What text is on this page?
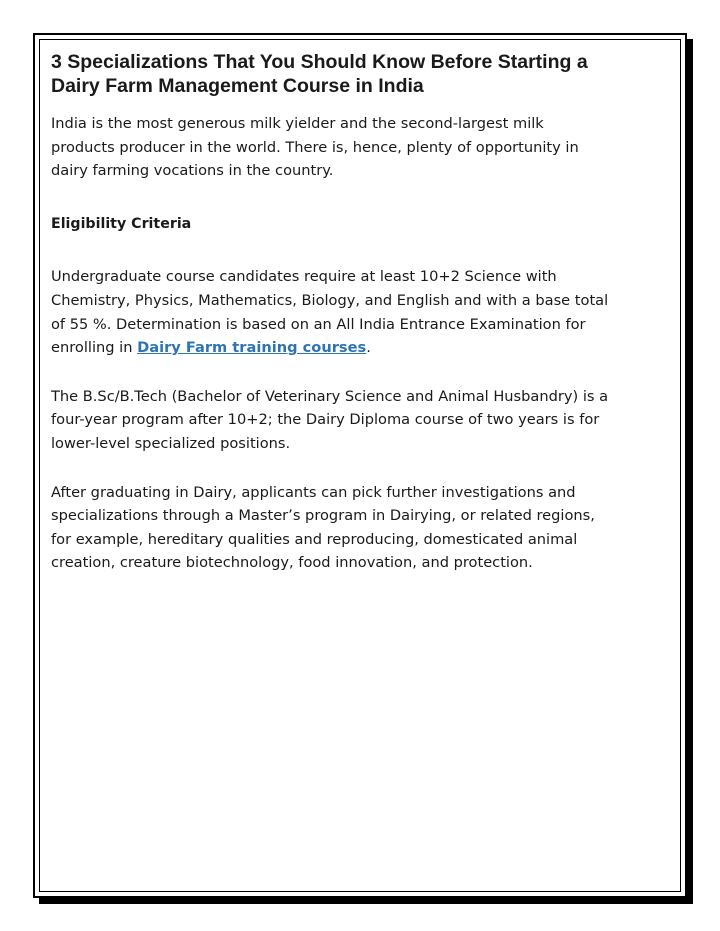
3 Specializations That You Should Know Before Starting a Dairy Farm Management Course in India

India is the most generous milk yielder and the second-largest milk products producer in the world. There is, hence, plenty of opportunity in dairy farming vocations in the country.

Eligibility Criteria

Undergraduate course candidates require at least 10+2 Science with Chemistry, Physics, Mathematics, Biology, and English and with a base total of 55 %. Determination is based on an All India Entrance Examination for enrolling in Dairy Farm training courses.

The B.Sc/B.Tech (Bachelor of Veterinary Science and Animal Husbandry) is a four-year program after 10+2; the Dairy Diploma course of two years is for lower-level specialized positions.

After graduating in Dairy, applicants can pick further investigations and specializations through a Master’s program in Dairying, or related regions, for example, hereditary qualities and reproducing, domesticated animal creation, creature biotechnology, food innovation, and protection.
